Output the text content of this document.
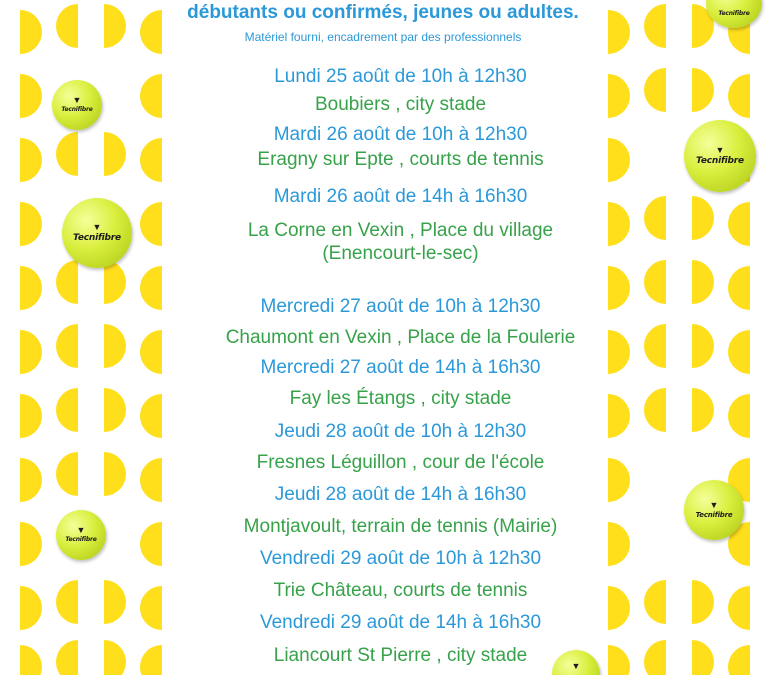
▼
Tecnifibre
▼
Tecnifibre
▼
Tecnifibre
Tecnifibre
▼
Tecnifibre
▼
Tecnifibre
▼
débutants ou confirmés, jeunes ou adultes.
Matériel fourni, encadrement par des professionnels
Lundi 25 août de 10h à 12h30
Boubiers , city stade
Mardi 26 août de 10h à 12h30
Eragny sur Epte , courts de tennis
Mardi 26 août de 14h à 16h30
La Corne en Vexin , Place du village
(Enencourt-le-sec)
Mercredi 27 août de 10h à 12h30
Chaumont en Vexin , Place de la Foulerie
Mercredi 27 août de 14h à 16h30
Fay les Étangs , city stade
Jeudi 28 août de 10h à 12h30
Fresnes Léguillon , cour de l'école
Jeudi 28 août de 14h à 16h30
Montjavoult, terrain de tennis (Mairie)
Vendredi 29 août de 10h à 12h30
Trie Château, courts de tennis
Vendredi 29 août de 14h à 16h30
Liancourt St Pierre , city stade
